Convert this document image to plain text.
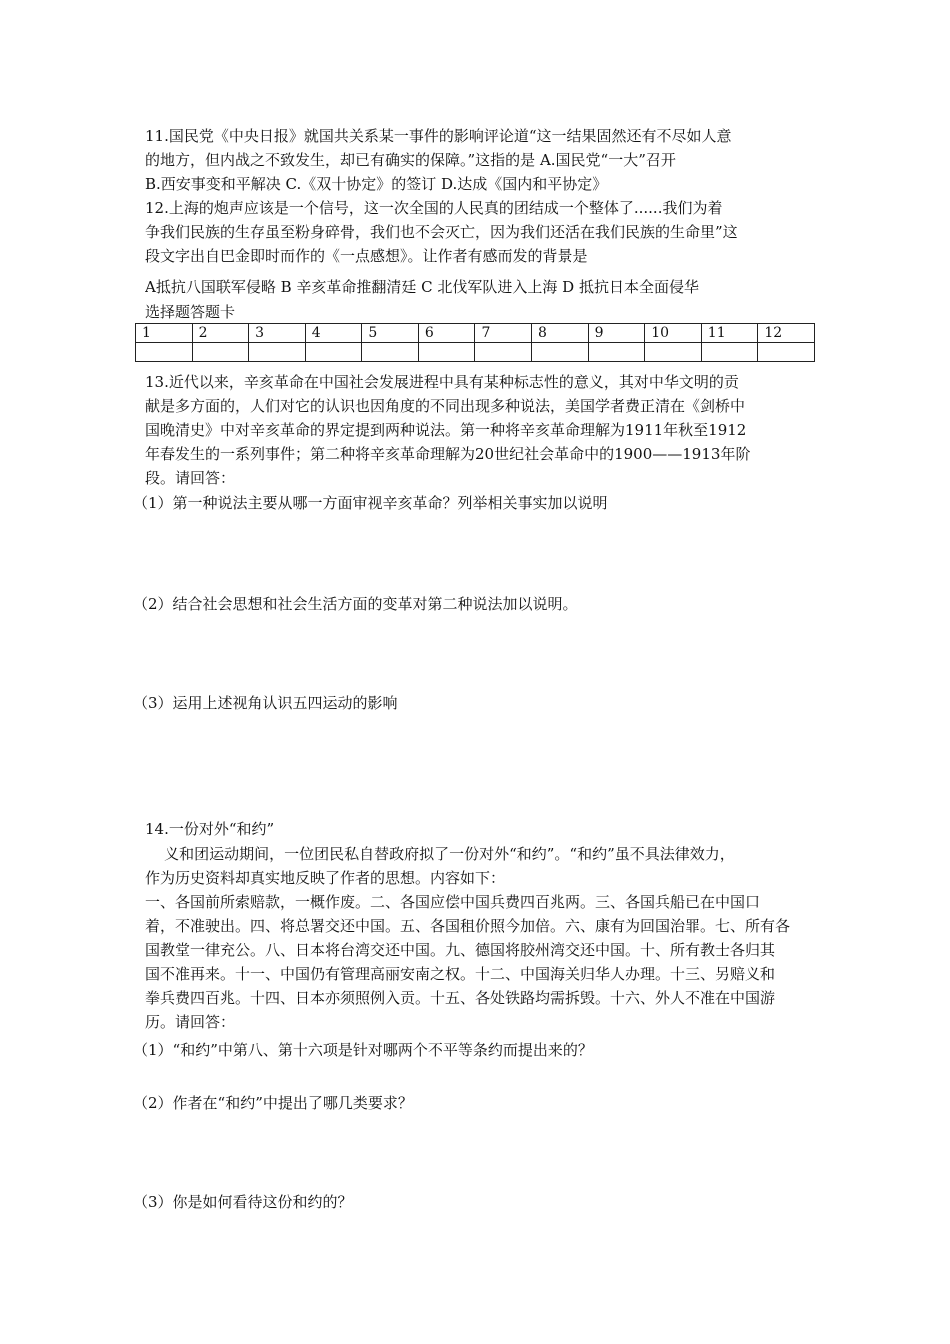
11.国民党《中央日报》就国共关系某一事件的影响评论道“这一结果固然还有不尽如人意
的地方，但内战之不致发生，却已有确实的保障。”这指的是 A.国民党“一大”召开
B.西安事变和平解决 C.《双十协定》的签订 D.达成《国内和平协定》
12.上海的炮声应该是一个信号，这一次全国的人民真的团结成一个整体了......我们为着
争我们民族的生存虽至粉身碎骨，我们也不会灭亡，因为我们还活在我们民族的生命里”这
段文字出自巴金即时而作的《一点感想》。让作者有感而发的背景是
A抵抗八国联军侵略 B 辛亥革命推翻清廷 C 北伐军队进入上海 D 抵抗日本全面侵华
选择题答题卡
1	2	3	4	5	6	7	8	9	10	11	12

13.近代以来，辛亥革命在中国社会发展进程中具有某种标志性的意义，其对中华文明的贡
献是多方面的，人们对它的认识也因角度的不同出现多种说法，美国学者费正清在《剑桥中
国晚清史》中对辛亥革命的界定提到两种说法。第一种将辛亥革命理解为1911年秋至1912
年春发生的一系列事件；第二种将辛亥革命理解为20世纪社会革命中的1900——1913年阶
段。请回答：
（1）第一种说法主要从哪一方面审视辛亥革命？列举相关事实加以说明
（2）结合社会思想和社会生活方面的变革对第二种说法加以说明。
（3）运用上述视角认识五四运动的影响
14.一份对外“和约”
义和团运动期间，一位团民私自替政府拟了一份对外“和约”。“和约”虽不具法律效力，
作为历史资料却真实地反映了作者的思想。内容如下：
一、各国前所索赔款，一概作废。二、各国应偿中国兵费四百兆两。三、各国兵船已在中国口
着，不准驶出。四、将总署交还中国。五、各国租价照今加倍。六、康有为回国治罪。七、所有各
国教堂一律充公。八、日本将台湾交还中国。九、德国将胶州湾交还中国。十、所有教士各归其
国不准再来。十一、中国仍有管理高丽安南之权。十二、中国海关归华人办理。十三、另赔义和
拳兵费四百兆。十四、日本亦须照例入贡。十五、各处铁路均需拆毁。十六、外人不准在中国游
历。请回答：
（1）“和约”中第八、第十六项是针对哪两个不平等条约而提出来的？
（2）作者在“和约”中提出了哪几类要求？
（3）你是如何看待这份和约的？
